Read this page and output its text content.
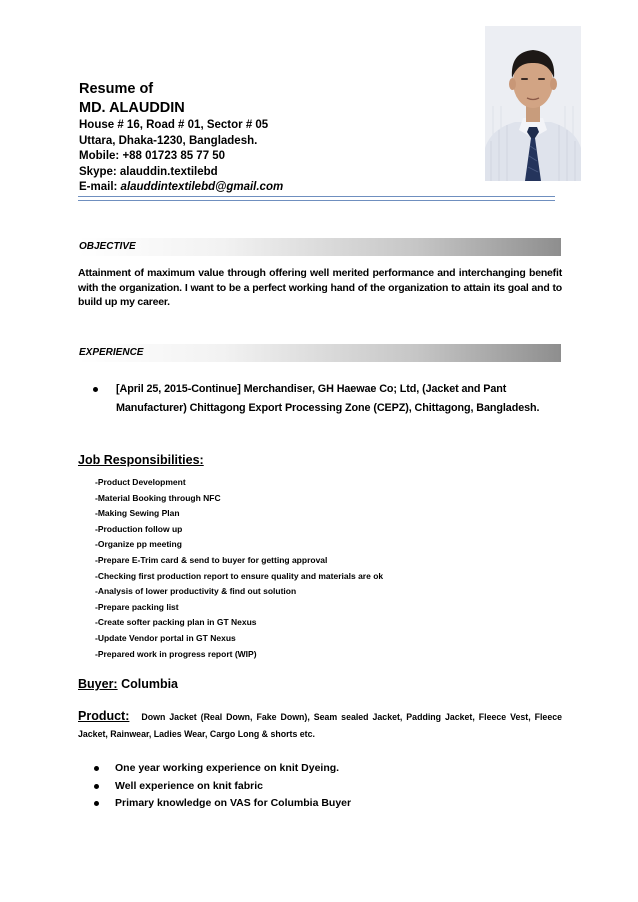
Resume of
MD. ALAUDDIN
House # 16, Road # 01, Sector # 05
Uttara, Dhaka-1230, Bangladesh.
Mobile: +88 01723 85 77 50
Skype: alauddin.textilebd
E-mail: alauddintextilebd@gmail.com
OBJECTIVE
Attainment of maximum value through offering well merited performance and interchanging benefit with the organization. I want to be a perfect working hand of the organization to attain its goal and to build up my career.
EXPERIENCE
[April 25, 2015-Continue] Merchandiser, GH Haewae Co; Ltd, (Jacket and Pant Manufacturer) Chittagong Export Processing Zone (CEPZ), Chittagong, Bangladesh.
Job Responsibilities:
-Product Development
-Material Booking through NFC
-Making Sewing Plan
-Production follow up
-Organize pp meeting
-Prepare E-Trim card & send to buyer for getting approval
-Checking first production report to ensure quality and materials are ok
-Analysis of lower productivity & find out solution
-Prepare packing list
-Create softer packing plan in GT Nexus
-Update Vendor portal in GT Nexus
-Prepared work in progress report (WIP)
Buyer: Columbia
Product: Down Jacket (Real Down, Fake Down), Seam sealed Jacket, Padding Jacket, Fleece Vest, Fleece Jacket, Rainwear, Ladies Wear, Cargo Long & shorts etc.
One year working experience on knit Dyeing.
Well experience on knit fabric
Primary knowledge on VAS for Columbia Buyer
